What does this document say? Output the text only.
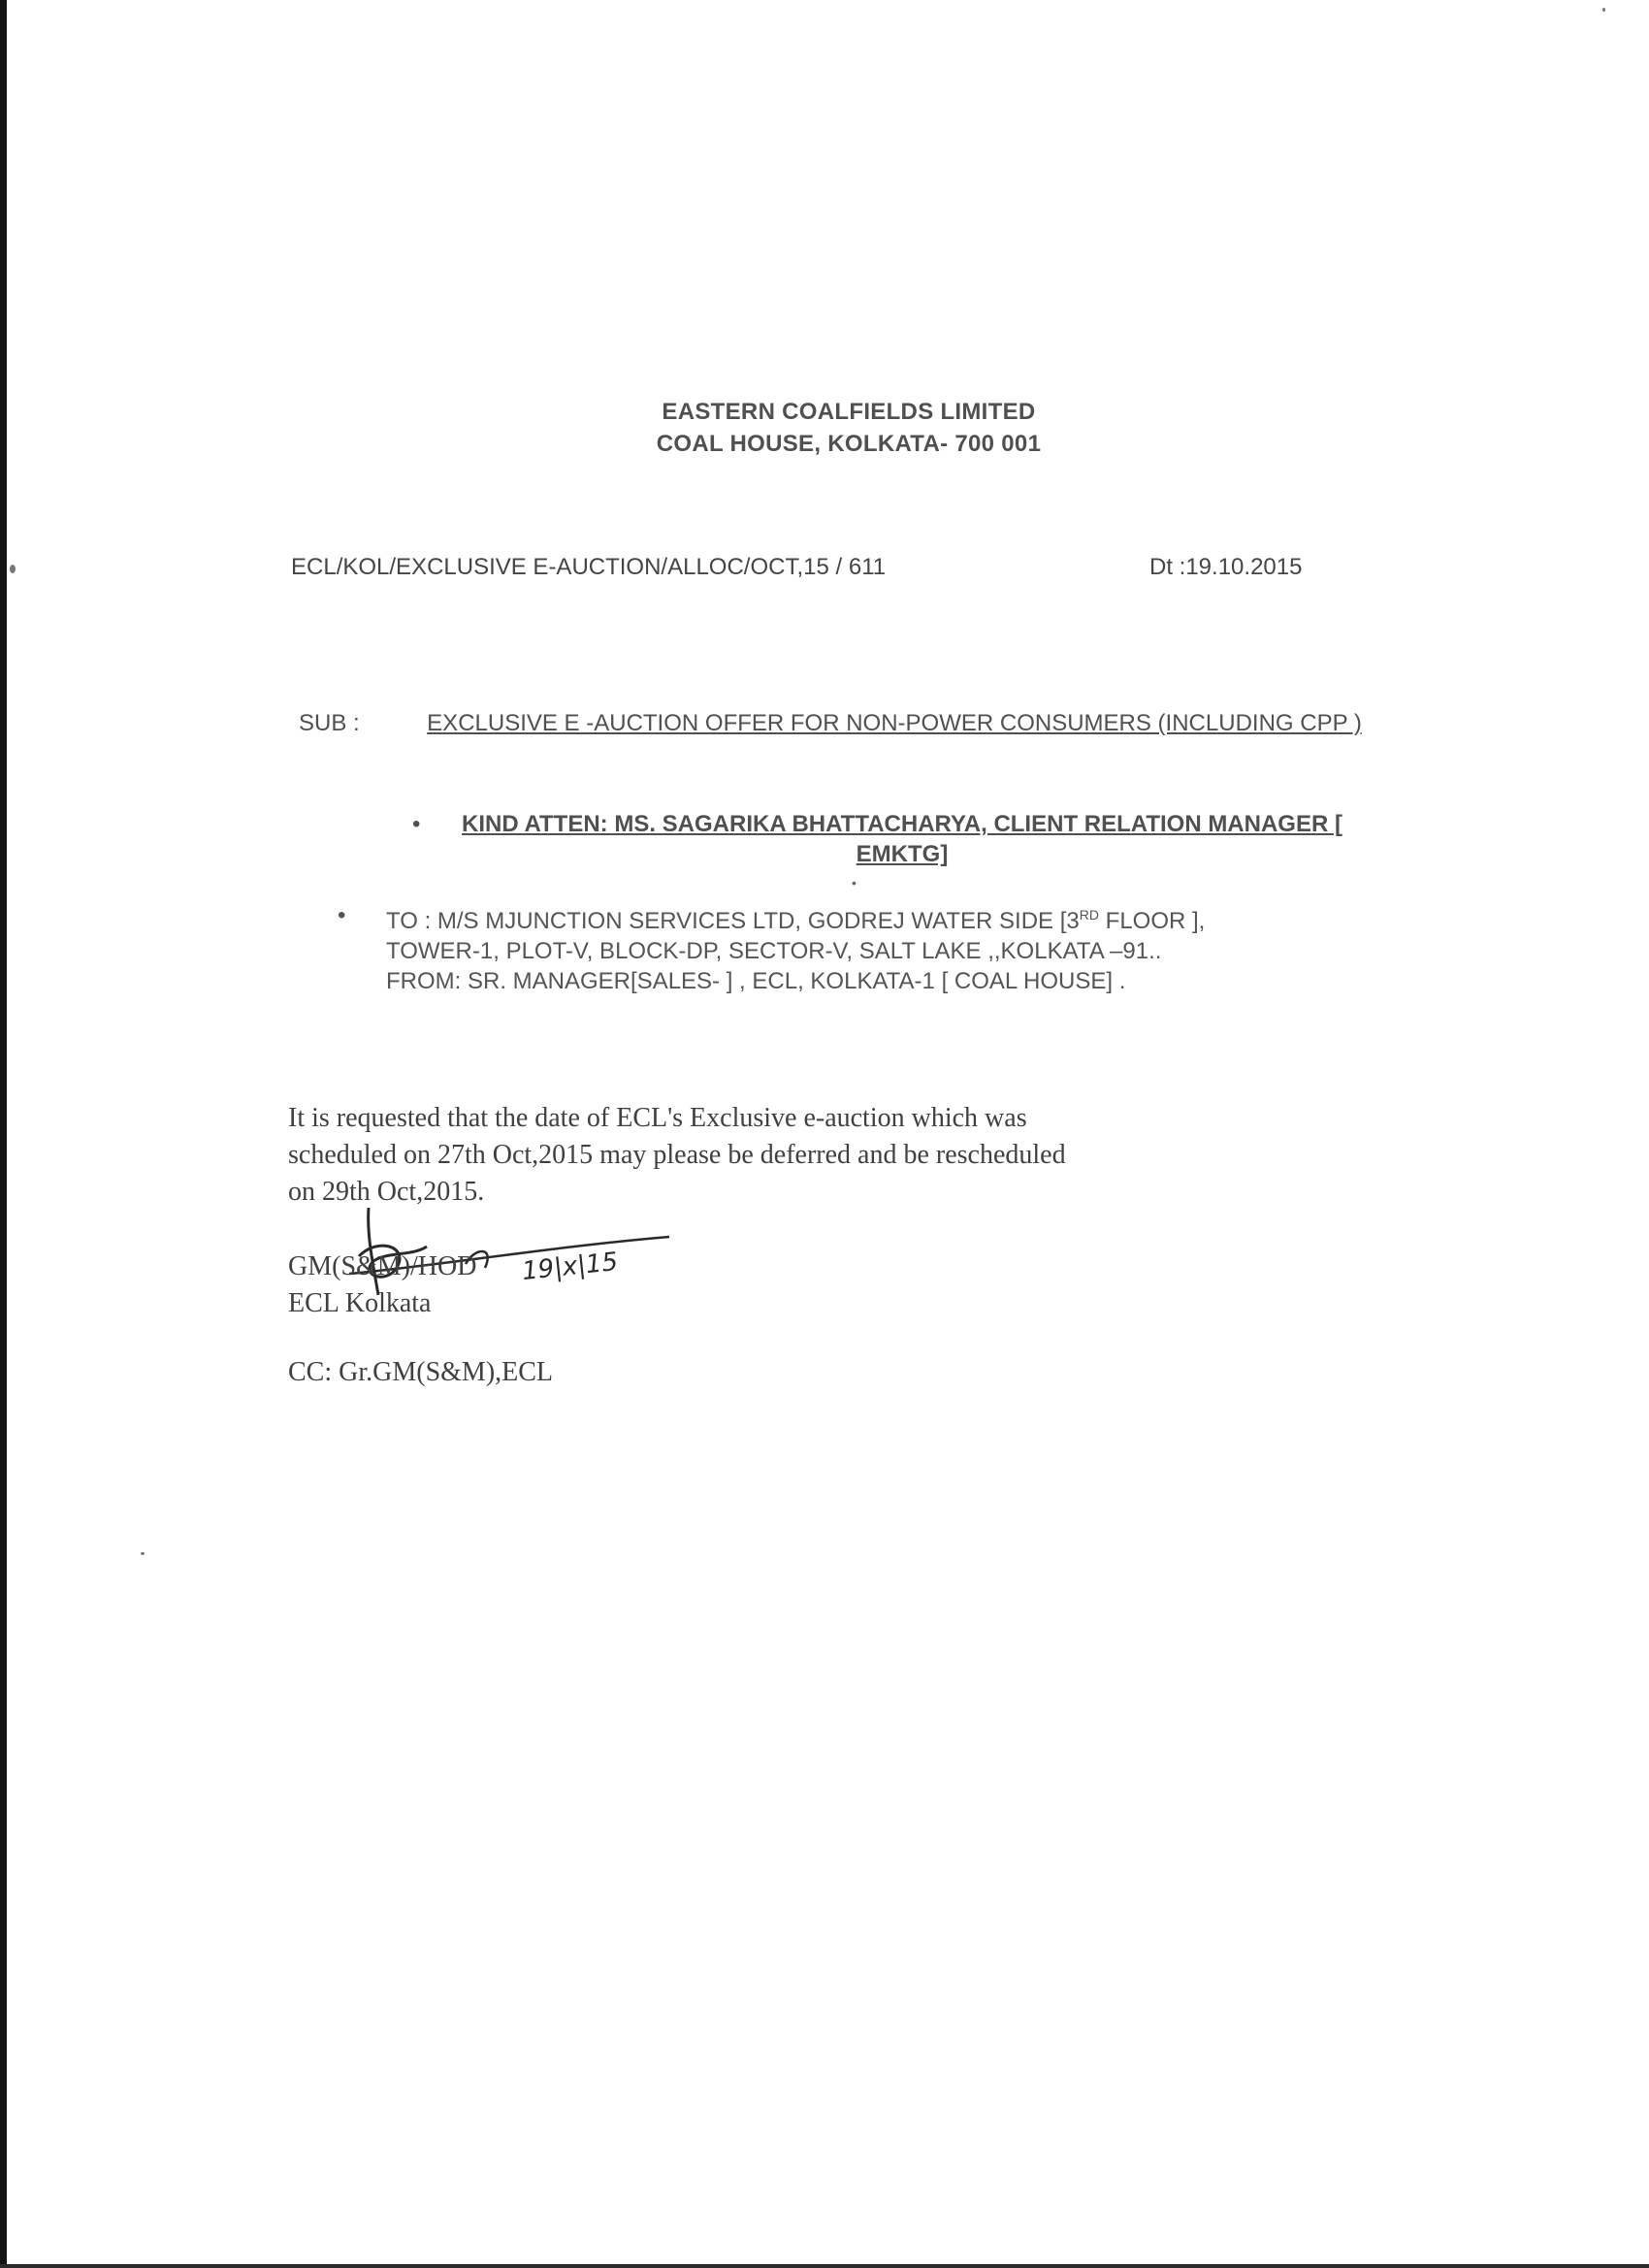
EASTERN COALFIELDS LIMITED
COAL HOUSE, KOLKATA- 700 001
ECL/KOL/EXCLUSIVE E-AUCTION/ALLOC/OCT,15 / 611	Dt :19.10.2015
SUB :	EXCLUSIVE E -AUCTION OFFER FOR NON-POWER CONSUMERS (INCLUDING CPP )
• KIND ATTEN: MS. SAGARIKA BHATTACHARYA, CLIENT RELATION MANAGER [ EMKTG]
•
• TO : M/S MJUNCTION SERVICES LTD, GODREJ WATER SIDE [3RD FLOOR ],
TOWER-1, PLOT-V, BLOCK-DP, SECTOR-V, SALT LAKE ,,KOLKATA –91..
FROM: SR. MANAGER[SALES- ] , ECL, KOLKATA-1 [ COAL HOUSE] .
It is requested that the date of ECL's Exclusive e-auction which was
scheduled on 27th Oct,2015 may please be deferred and be rescheduled
on 29th Oct,2015.
GM(S&M)/HOD 19|x|15
ECL Kolkata
CC: Gr.GM(S&M),ECL
